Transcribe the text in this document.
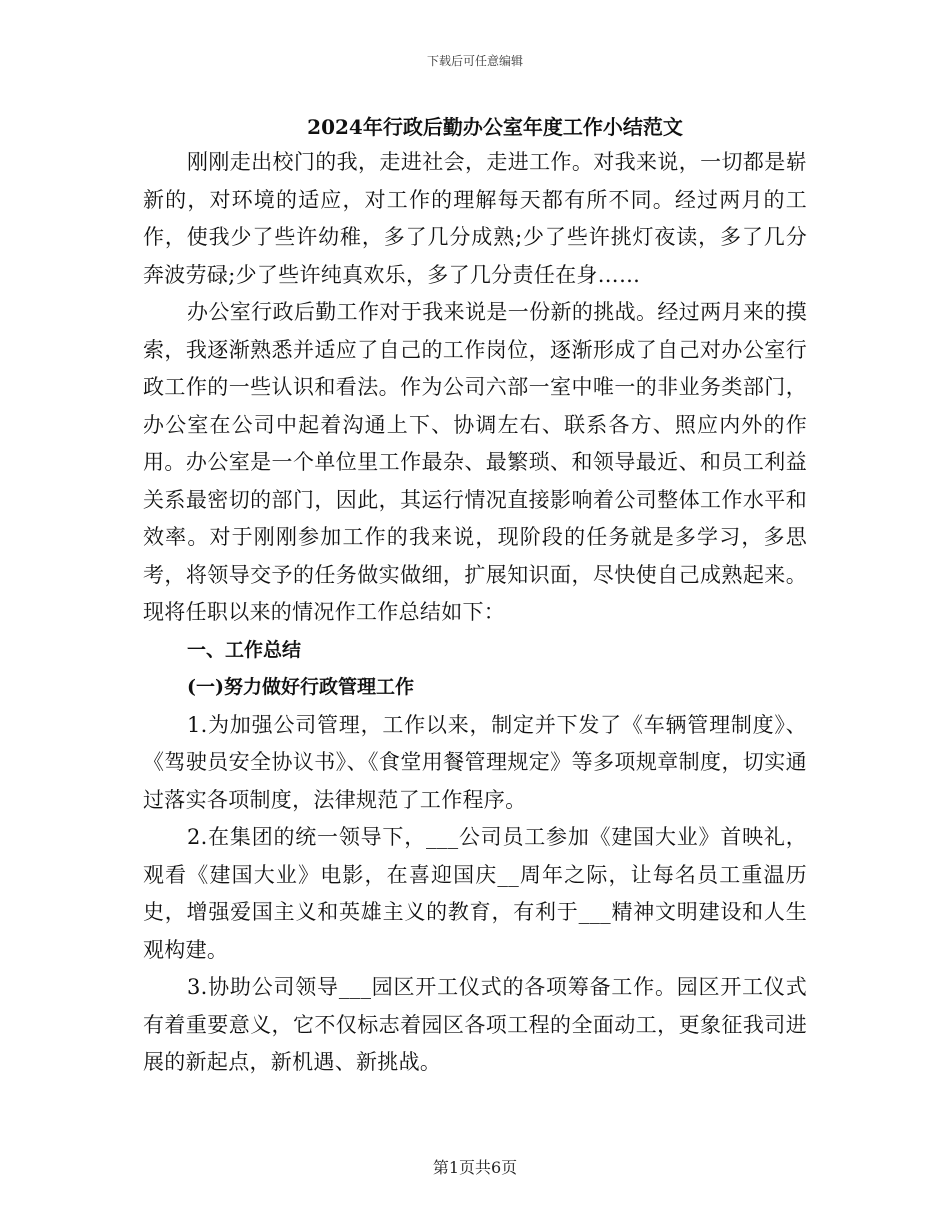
下载后可任意编辑
2024年行政后勤办公室年度工作小结范文

刚刚走出校门的我，走进社会，走进工作。对我来说，一切都是崭新的，对环境的适应，对工作的理解每天都有所不同。经过两月的工作，使我少了些许幼稚，多了几分成熟;少了些许挑灯夜读，多了几分奔波劳碌;少了些许纯真欢乐，多了几分责任在身……

办公室行政后勤工作对于我来说是一份新的挑战。经过两月来的摸索，我逐渐熟悉并适应了自己的工作岗位，逐渐形成了自己对办公室行政工作的一些认识和看法。作为公司六部一室中唯一的非业务类部门，办公室在公司中起着沟通上下、协调左右、联系各方、照应内外的作用。办公室是一个单位里工作最杂、最繁琐、和领导最近、和员工利益关系最密切的部门，因此，其运行情况直接影响着公司整体工作水平和效率。对于刚刚参加工作的我来说，现阶段的任务就是多学习，多思考，将领导交予的任务做实做细，扩展知识面，尽快使自己成熟起来。现将任职以来的情况作工作总结如下：

一、工作总结

(一)努力做好行政管理工作

1.为加强公司管理，工作以来，制定并下发了《车辆管理制度》、《驾驶员安全协议书》、《食堂用餐管理规定》等多项规章制度，切实通过落实各项制度，法律规范了工作程序。

2.在集团的统一领导下，___公司员工参加《建国大业》首映礼，观看《建国大业》电影，在喜迎国庆__周年之际，让每名员工重温历史，增强爱国主义和英雄主义的教育，有利于___精神文明建设和人生观构建。

3.协助公司领导___园区开工仪式的各项筹备工作。园区开工仪式有着重要意义，它不仅标志着园区各项工程的全面动工，更象征我司进展的新起点，新机遇、新挑战。

第1页共6页
